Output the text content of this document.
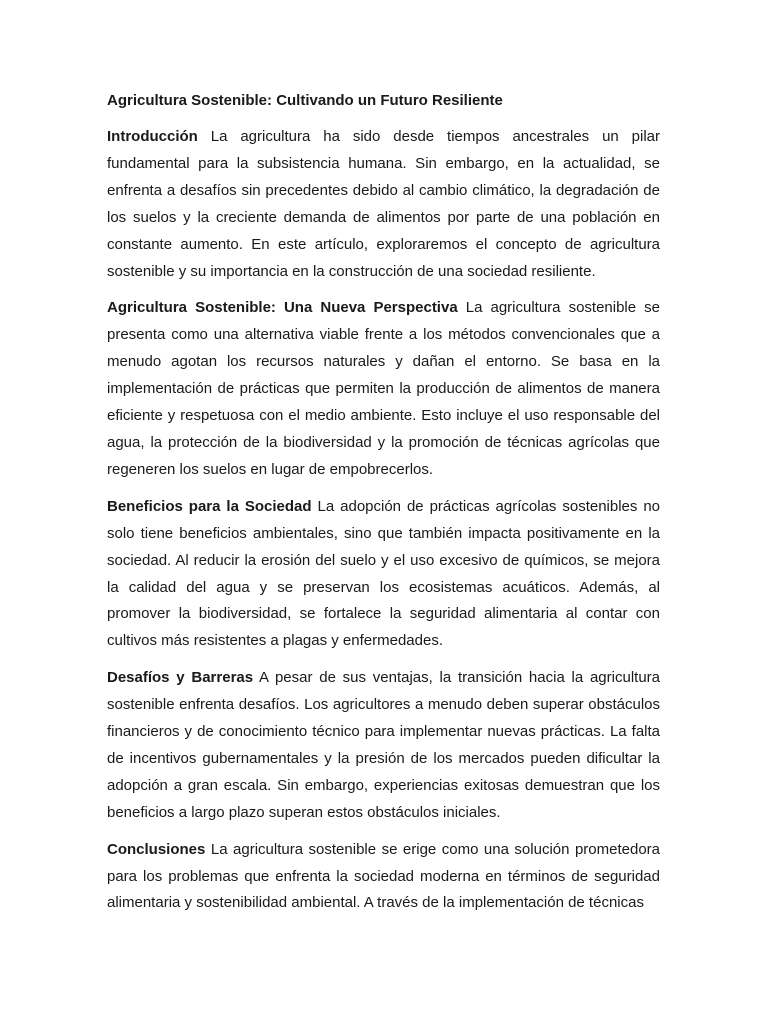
Agricultura Sostenible: Cultivando un Futuro Resiliente

Introducción La agricultura ha sido desde tiempos ancestrales un pilar fundamental para la subsistencia humana. Sin embargo, en la actualidad, se enfrenta a desafíos sin precedentes debido al cambio climático, la degradación de los suelos y la creciente demanda de alimentos por parte de una población en constante aumento. En este artículo, exploraremos el concepto de agricultura sostenible y su importancia en la construcción de una sociedad resiliente.

Agricultura Sostenible: Una Nueva Perspectiva La agricultura sostenible se presenta como una alternativa viable frente a los métodos convencionales que a menudo agotan los recursos naturales y dañan el entorno. Se basa en la implementación de prácticas que permiten la producción de alimentos de manera eficiente y respetuosa con el medio ambiente. Esto incluye el uso responsable del agua, la protección de la biodiversidad y la promoción de técnicas agrícolas que regeneren los suelos en lugar de empobrecerlos.

Beneficios para la Sociedad La adopción de prácticas agrícolas sostenibles no solo tiene beneficios ambientales, sino que también impacta positivamente en la sociedad. Al reducir la erosión del suelo y el uso excesivo de químicos, se mejora la calidad del agua y se preservan los ecosistemas acuáticos. Además, al promover la biodiversidad, se fortalece la seguridad alimentaria al contar con cultivos más resistentes a plagas y enfermedades.

Desafíos y Barreras A pesar de sus ventajas, la transición hacia la agricultura sostenible enfrenta desafíos. Los agricultores a menudo deben superar obstáculos financieros y de conocimiento técnico para implementar nuevas prácticas. La falta de incentivos gubernamentales y la presión de los mercados pueden dificultar la adopción a gran escala. Sin embargo, experiencias exitosas demuestran que los beneficios a largo plazo superan estos obstáculos iniciales.

Conclusiones La agricultura sostenible se erige como una solución prometedora para los problemas que enfrenta la sociedad moderna en términos de seguridad alimentaria y sostenibilidad ambiental. A través de la implementación de técnicas
